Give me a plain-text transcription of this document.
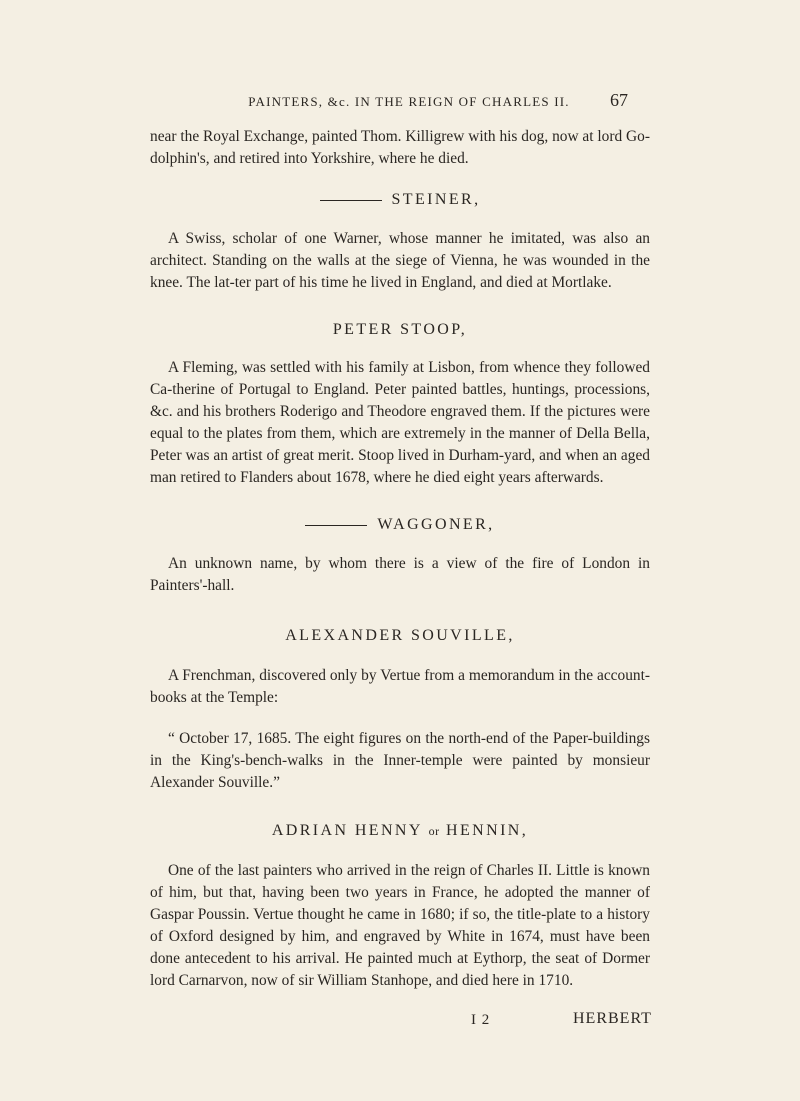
PAINTERS, &c. IN THE REIGN OF CHARLES II.	67

near the Royal Exchange, painted Thom. Killigrew with his dog, now at lord Go-dolphin's, and retired into Yorkshire, where he died.

STEINER,

A Swiss, scholar of one Warner, whose manner he imitated, was also an architect. Standing on the walls at the siege of Vienna, he was wounded in the knee. The lat-ter part of his time he lived in England, and died at Mortlake.

PETER STOOP,

A Fleming, was settled with his family at Lisbon, from whence they followed Ca-therine of Portugal to England. Peter painted battles, huntings, processions, &c. and his brothers Roderigo and Theodore engraved them. If the pictures were equal to the plates from them, which are extremely in the manner of Della Bella, Peter was an artist of great merit. Stoop lived in Durham-yard, and when an aged man retired to Flanders about 1678, where he died eight years afterwards.

WAGGONER,

An unknown name, by whom there is a view of the fire of London in Painters'-hall.

ALEXANDER SOUVILLE,

A Frenchman, discovered only by Vertue from a memorandum in the account-books at the Temple:

“ October 17, 1685. The eight figures on the north-end of the Paper-buildings in the King's-bench-walks in the Inner-temple were painted by monsieur Alexander Souville.”

ADRIAN HENNY or HENNIN,

One of the last painters who arrived in the reign of Charles II. Little is known of him, but that, having been two years in France, he adopted the manner of Gaspar Poussin. Vertue thought he came in 1680; if so, the title-plate to a history of Oxford designed by him, and engraved by White in 1674, must have been done antecedent to his arrival. He painted much at Eythorp, the seat of Dormer lord Carnarvon, now of sir William Stanhope, and died here in 1710.

I 2	HERBERT
